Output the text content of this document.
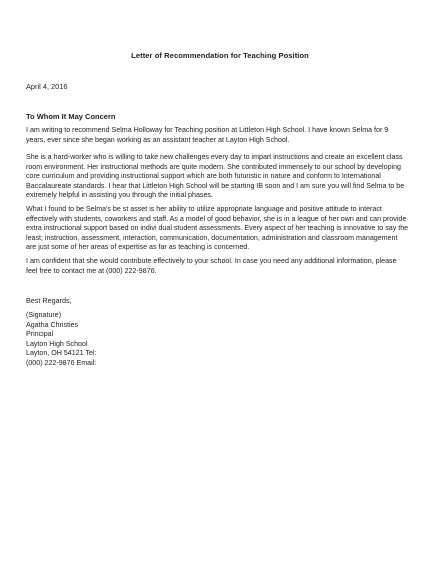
Letter of Recommendation for Teaching Position
April 4, 2016
To Whom It May Concern

I am writing to recommend Selma Holloway for Teaching position at Littleton High School. I have known Selma for 9
years, ever since she began working as an assistant teacher at Layton High School.

She is a hard-worker who is willing to take new challenges every day to impart instructions and create an excellent class
room environment. Her instructional methods are quite modern. She contributed immensely to our school by developing
core curriculum and providing instructional support which are both futuristic in nature and conform to International
Baccalaureate standards. I hear that Littleton High School will be starting IB soon and I am sure you will find Selma to be
extremely helpful in assisting you through the initial phases.

What I found to be Selma's be st asset is her ability to utilize appropriate language and positive attitude to interact
effectively with students, coworkers and staff. As a model of good behavior, she is in a league of her own and can provide
extra instructional support based on indivi dual student assessments. Every aspect of her teaching is innovative to say the
least; instruction, assessment, interaction, communication, documentation, administration and classroom management
are just some of her areas of expertise as far as teaching is concerned.

I am confident that she would contribute effectively to your school. In case you need any additional information, please
feel free to contact me at (000) 222-9876.

Best Regards,
(Signature)
Agatha Christies
Principal
Layton High School
Layton, OH 54121 Tel:
(000) 222-9876 Email:
